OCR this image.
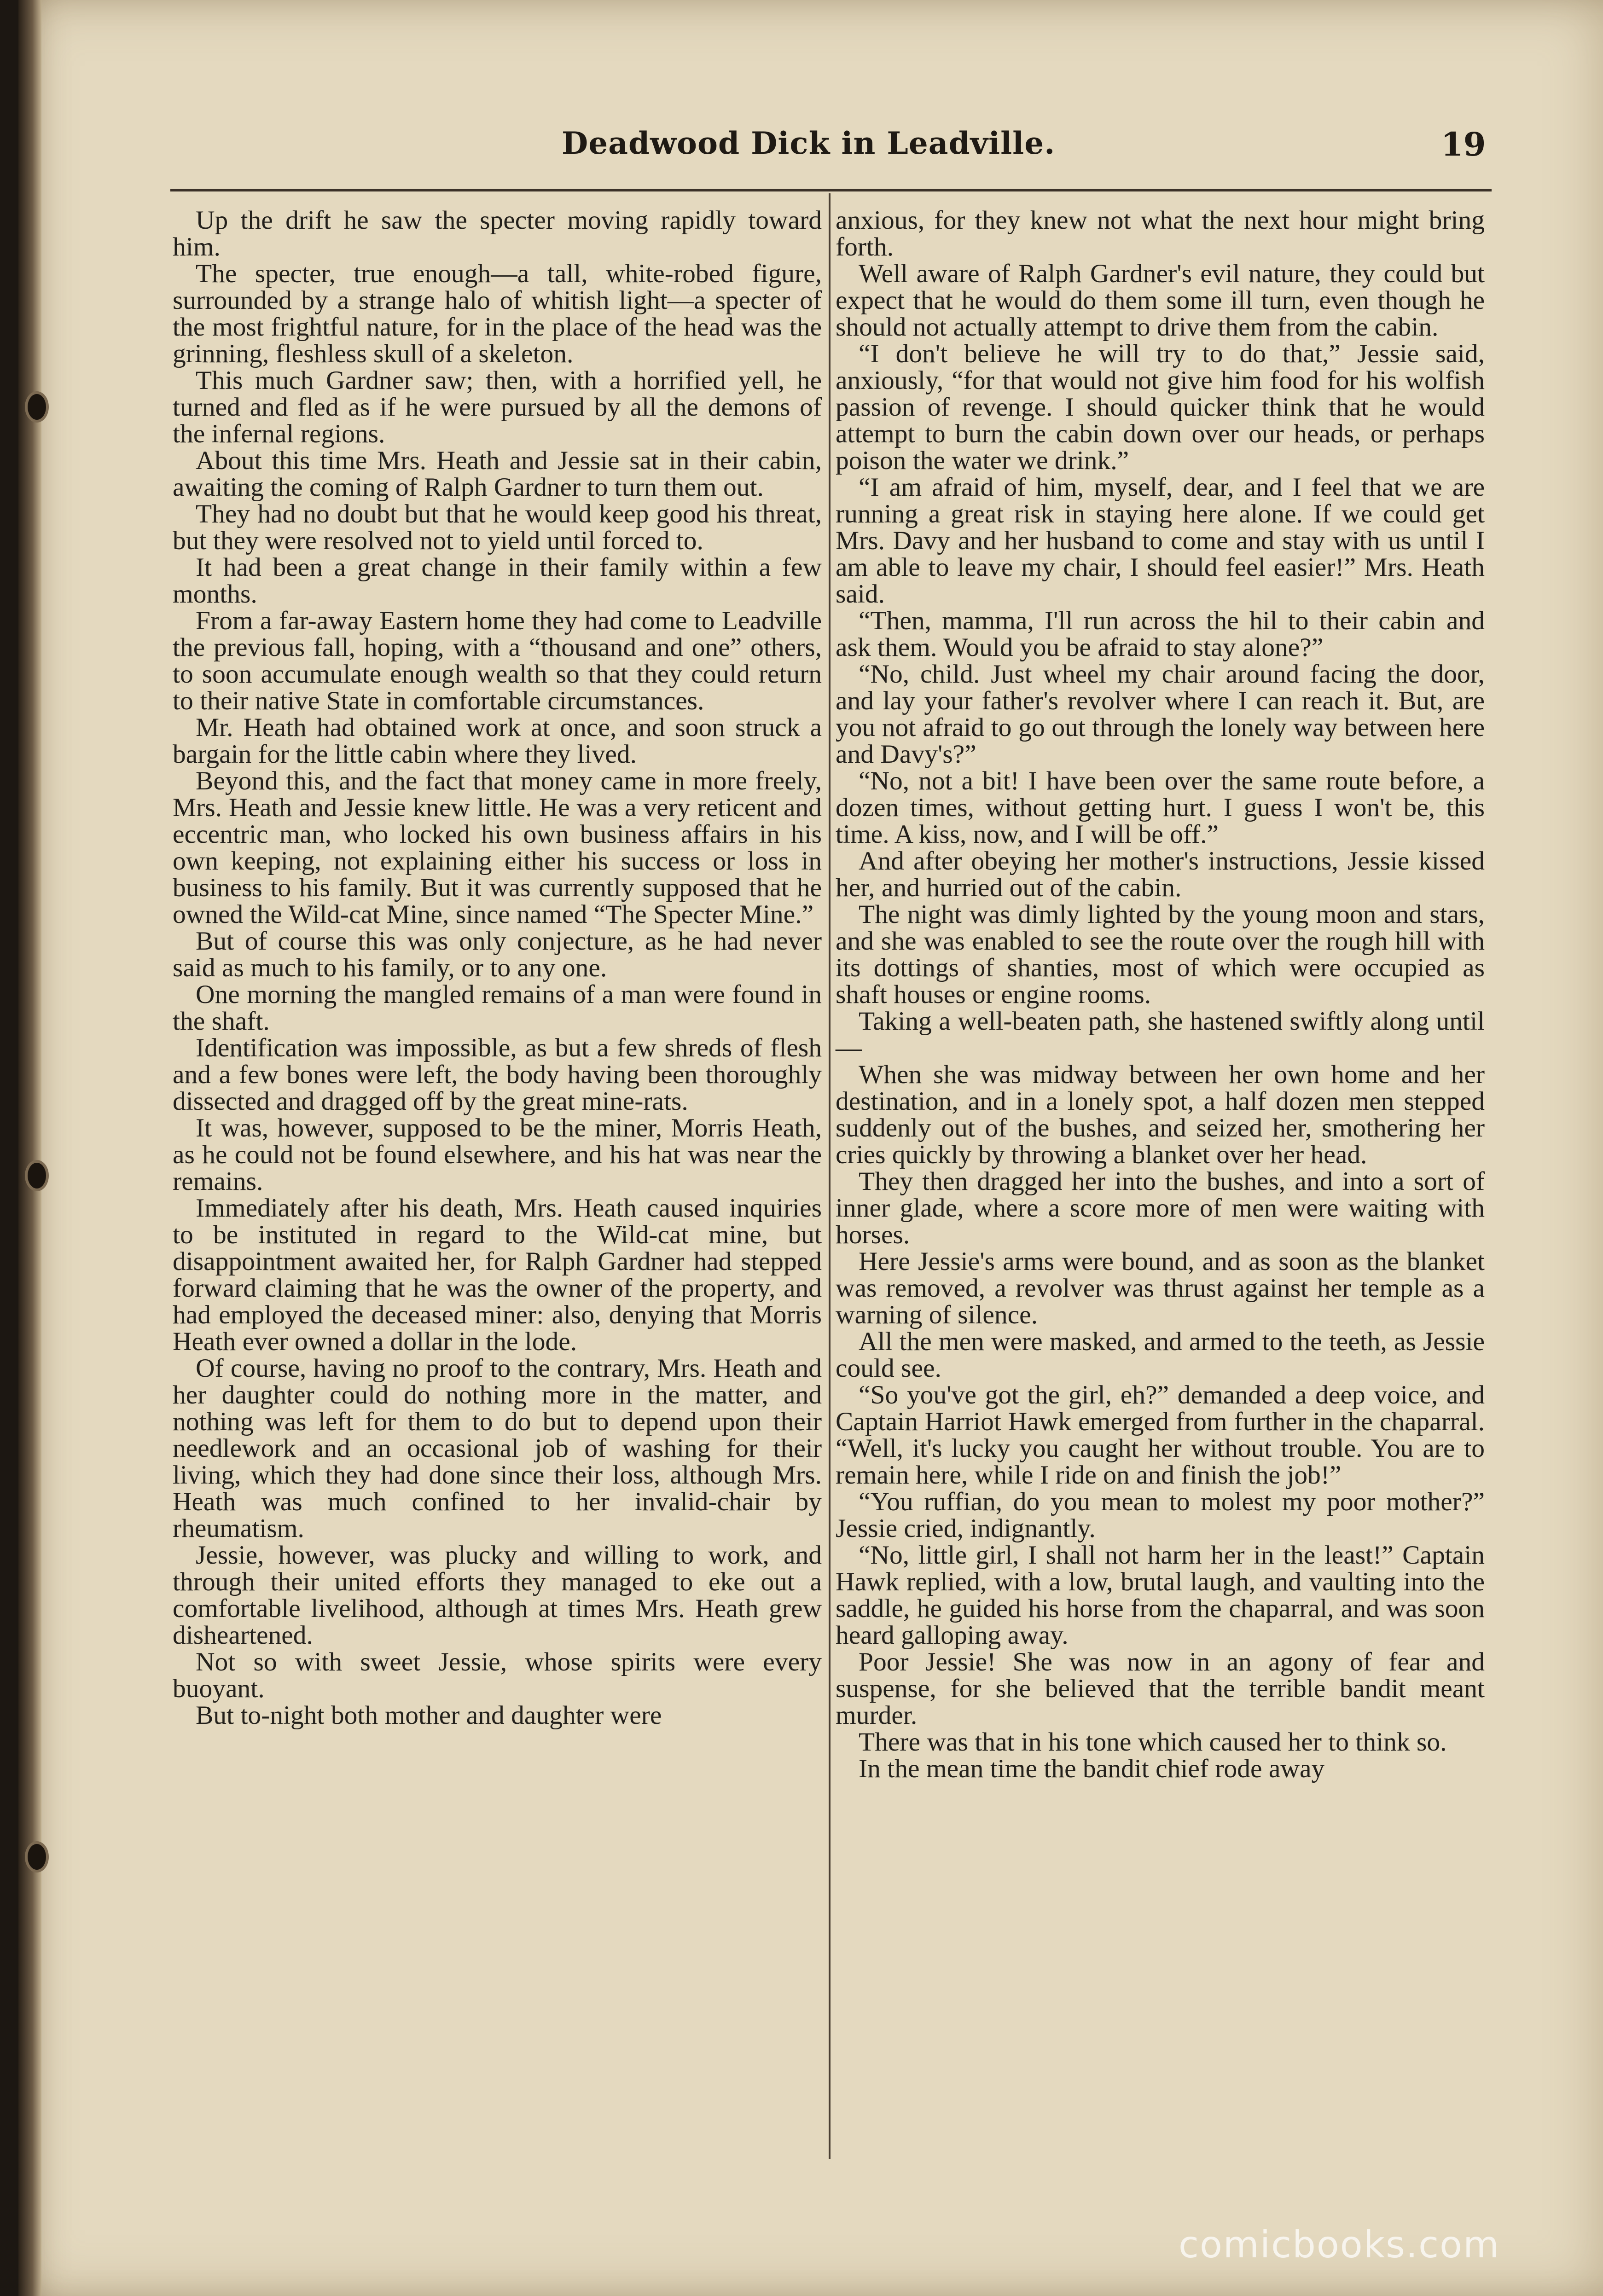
Deadwood Dick in Leadville.	19

Up the drift he saw the specter moving rapidly toward him.

The specter, true enough—a tall, white-robed figure, surrounded by a strange halo of whitish light—a specter of the most frightful nature, for in the place of the head was the grinning, fleshless skull of a skeleton.

This much Gardner saw; then, with a horrified yell, he turned and fled as if he were pursued by all the demons of the infernal regions.

About this time Mrs. Heath and Jessie sat in their cabin, awaiting the coming of Ralph Gardner to turn them out.

They had no doubt but that he would keep good his threat, but they were resolved not to yield until forced to.

It had been a great change in their family within a few months.

From a far-away Eastern home they had come to Leadville the previous fall, hoping, with a “thousand and one” others, to soon accumulate enough wealth so that they could return to their native State in comfortable circumstances.

Mr. Heath had obtained work at once, and soon struck a bargain for the little cabin where they lived.

Beyond this, and the fact that money came in more freely, Mrs. Heath and Jessie knew little. He was a very reticent and eccentric man, who locked his own business affairs in his own keeping, not explaining either his success or loss in business to his family. But it was currently supposed that he owned the Wild-cat Mine, since named “The Specter Mine.”

But of course this was only conjecture, as he had never said as much to his family, or to any one.

One morning the mangled remains of a man were found in the shaft.

Identification was impossible, as but a few shreds of flesh and a few bones were left, the body having been thoroughly dissected and dragged off by the great mine-rats.

It was, however, supposed to be the miner, Morris Heath, as he could not be found elsewhere, and his hat was near the remains.

Immediately after his death, Mrs. Heath caused inquiries to be instituted in regard to the Wild-cat mine, but disappointment awaited her, for Ralph Gardner had stepped forward claiming that he was the owner of the property, and had employed the deceased miner: also, denying that Morris Heath ever owned a dollar in the lode.

Of course, having no proof to the contrary, Mrs. Heath and her daughter could do nothing more in the matter, and nothing was left for them to do but to depend upon their needlework and an occasional job of washing for their living, which they had done since their loss, although Mrs. Heath was much confined to her invalid-chair by rheumatism.

Jessie, however, was plucky and willing to work, and through their united efforts they managed to eke out a comfortable livelihood, although at times Mrs. Heath grew disheartened.

Not so with sweet Jessie, whose spirits were every buoyant.

But to-night both mother and daughter were

anxious, for they knew not what the next hour might bring forth.

Well aware of Ralph Gardner's evil nature, they could but expect that he would do them some ill turn, even though he should not actually attempt to drive them from the cabin.

“I don't believe he will try to do that,” Jessie said, anxiously, “for that would not give him food for his wolfish passion of revenge. I should quicker think that he would attempt to burn the cabin down over our heads, or perhaps poison the water we drink.”

“I am afraid of him, myself, dear, and I feel that we are running a great risk in staying here alone. If we could get Mrs. Davy and her husband to come and stay with us until I am able to leave my chair, I should feel easier!” Mrs. Heath said.

“Then, mamma, I'll run across the hil to their cabin and ask them. Would you be afraid to stay alone?”

“No, child. Just wheel my chair around facing the door, and lay your father's revolver where I can reach it. But, are you not afraid to go out through the lonely way between here and Davy's?”

“No, not a bit! I have been over the same route before, a dozen times, without getting hurt. I guess I won't be, this time. A kiss, now, and I will be off.”

And after obeying her mother's instructions, Jessie kissed her, and hurried out of the cabin.

The night was dimly lighted by the young moon and stars, and she was enabled to see the route over the rough hill with its dottings of shanties, most of which were occupied as shaft houses or engine rooms.

Taking a well-beaten path, she hastened swiftly along until—

When she was midway between her own home and her destination, and in a lonely spot, a half dozen men stepped suddenly out of the bushes, and seized her, smothering her cries quickly by throwing a blanket over her head.

They then dragged her into the bushes, and into a sort of inner glade, where a score more of men were waiting with horses.

Here Jessie's arms were bound, and as soon as the blanket was removed, a revolver was thrust against her temple as a warning of silence.

All the men were masked, and armed to the teeth, as Jessie could see.

“So you've got the girl, eh?” demanded a deep voice, and Captain Harriot Hawk emerged from further in the chaparral. “Well, it's lucky you caught her without trouble. You are to remain here, while I ride on and finish the job!”

“You ruffian, do you mean to molest my poor mother?” Jessie cried, indignantly.

“No, little girl, I shall not harm her in the least!” Captain Hawk replied, with a low, brutal laugh, and vaulting into the saddle, he guided his horse from the chaparral, and was soon heard galloping away.

Poor Jessie! She was now in an agony of fear and suspense, for she believed that the terrible bandit meant murder.

There was that in his tone which caused her to think so.

In the mean time the bandit chief rode away

comicbooks.com
